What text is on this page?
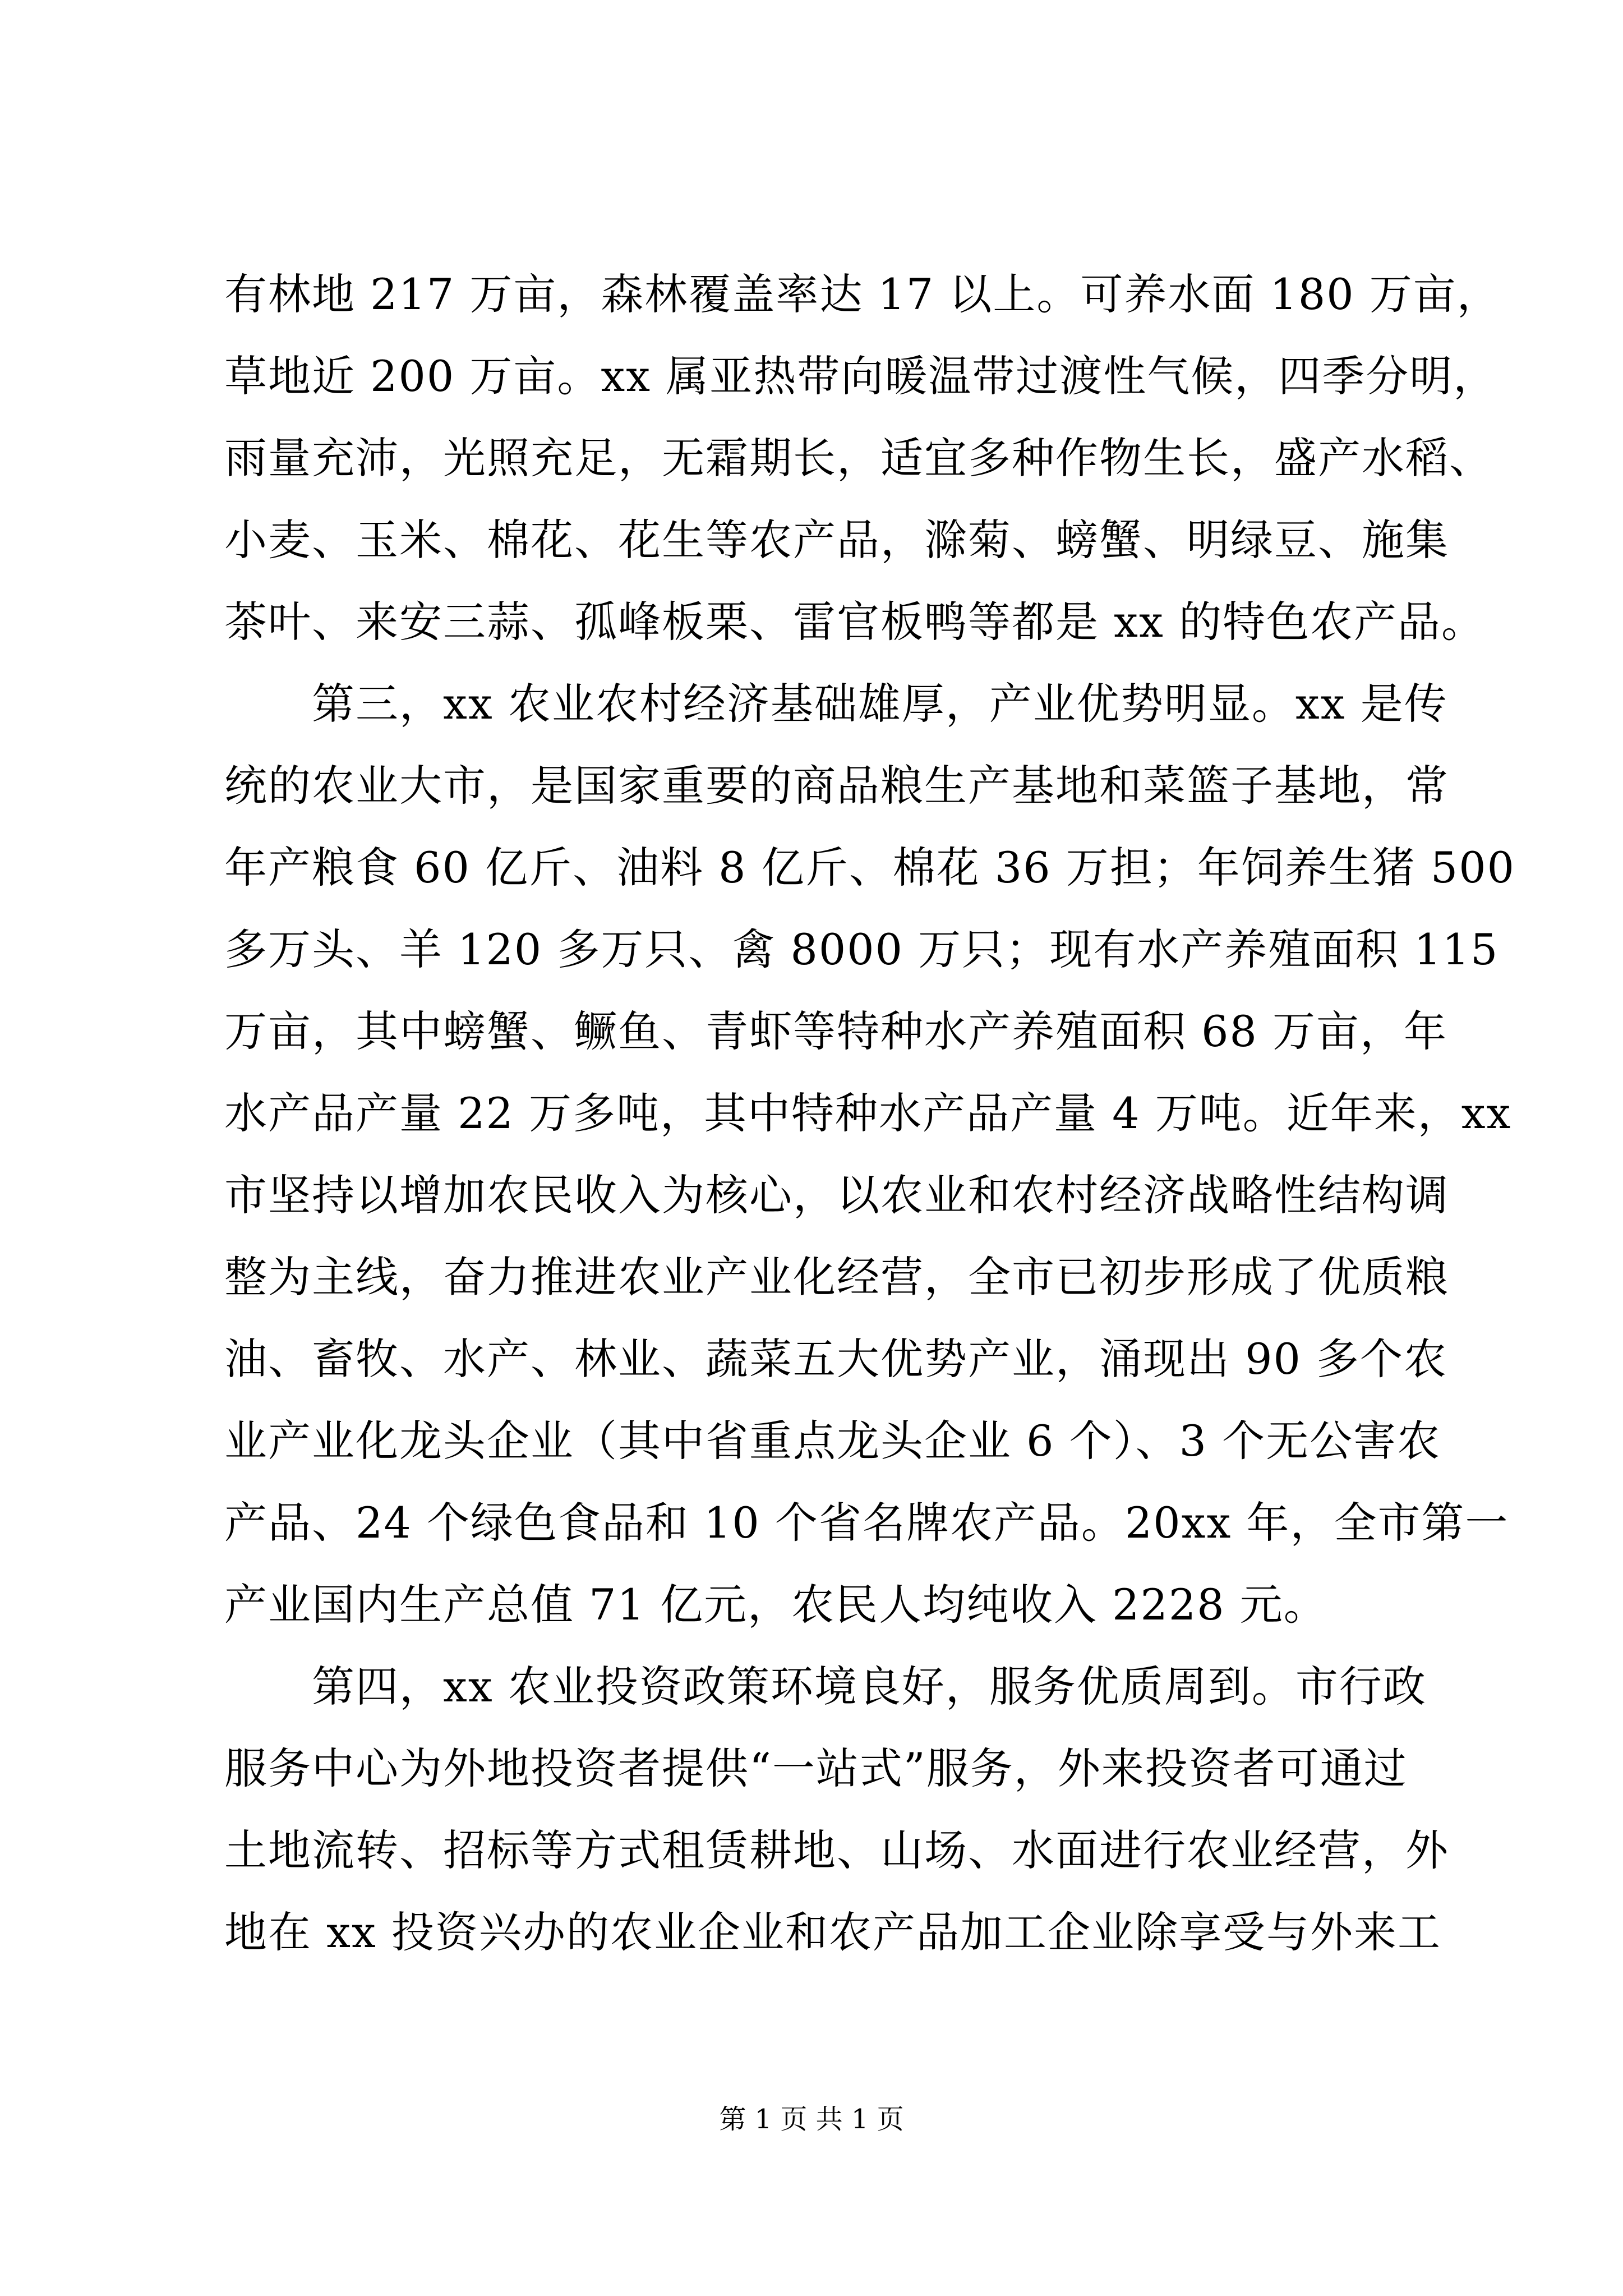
有林地 217 万亩，森林覆盖率达 17 以上。可养水面 180 万亩，
草地近 200 万亩。xx 属亚热带向暖温带过渡性气候，四季分明，
雨量充沛，光照充足，无霜期长，适宜多种作物生长，盛产水稻、
小麦、玉米、棉花、花生等农产品，滁菊、螃蟹、明绿豆、施集
茶叶、来安三蒜、孤峰板栗、雷官板鸭等都是 xx 的特色农产品。
　　第三，xx 农业农村经济基础雄厚，产业优势明显。xx 是传
统的农业大市，是国家重要的商品粮生产基地和菜篮子基地，常
年产粮食 60 亿斤、油料 8 亿斤、棉花 36 万担；年饲养生猪 500
多万头、羊 120 多万只、禽 8000 万只；现有水产养殖面积 115
万亩，其中螃蟹、鳜鱼、青虾等特种水产养殖面积 68 万亩，年
水产品产量 22 万多吨，其中特种水产品产量 4 万吨。近年来，xx
市坚持以增加农民收入为核心，以农业和农村经济战略性结构调
整为主线，奋力推进农业产业化经营，全市已初步形成了优质粮
油、畜牧、水产、林业、蔬菜五大优势产业，涌现出 90 多个农
业产业化龙头企业（其中省重点龙头企业 6 个）、3 个无公害农
产品、24 个绿色食品和 10 个省名牌农产品。20xx 年，全市第一
产业国内生产总值 71 亿元，农民人均纯收入 2228 元。
　　第四，xx 农业投资政策环境良好，服务优质周到。市行政
服务中心为外地投资者提供“一站式”服务，外来投资者可通过
土地流转、招标等方式租赁耕地、山场、水面进行农业经营，外
地在 xx 投资兴办的农业企业和农产品加工企业除享受与外来工
第 1 页 共 1 页
